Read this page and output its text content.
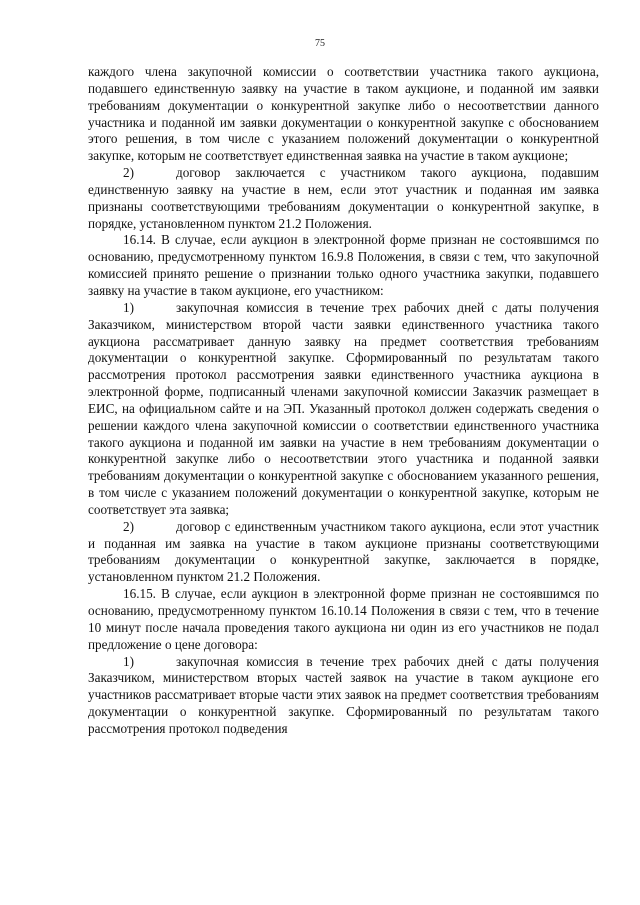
75

каждого члена закупочной комиссии о соответствии участника такого аукциона, подавшего единственную заявку на участие в таком аукционе, и поданной им заявки требованиям документации о конкурентной закупке либо о несоответствии данного участника и поданной им заявки документации о конкурентной закупке с обоснованием этого решения, в том числе с указанием положений документации о конкурентной закупке, которым не соответствует единственная заявка на участие в таком аукционе;

2)	договор заключается с участником такого аукциона, подавшим единственную заявку на участие в нем, если этот участник и поданная им заявка признаны соответствующими требованиям документации о конкурентной закупке, в порядке, установленном пунктом 21.2 Положения.

16.14. В случае, если аукцион в электронной форме признан не состоявшимся по основанию, предусмотренному пунктом 16.9.8 Положения, в связи с тем, что закупочной комиссией принято решение о признании только одного участника закупки, подавшего заявку на участие в таком аукционе, его участником:

1)	закупочная комиссия в течение трех рабочих дней с даты получения Заказчиком, министерством второй части заявки единственного участника такого аукциона рассматривает данную заявку на предмет соответствия требованиям документации о конкурентной закупке. Сформированный по результатам такого рассмотрения протокол рассмотрения заявки единственного участника аукциона в электронной форме, подписанный членами закупочной комиссии Заказчик размещает в ЕИС, на официальном сайте и на ЭП. Указанный протокол должен содержать сведения о решении каждого члена закупочной комиссии о соответствии единственного участника такого аукциона и поданной им заявки на участие в нем требованиям документации о конкурентной закупке либо о несоответствии этого участника и поданной заявки требованиям документации о конкурентной закупке с обоснованием указанного решения, в том числе с указанием положений документации о конкурентной закупке, которым не соответствует эта заявка;

2)	договор с единственным участником такого аукциона, если этот участник и поданная им заявка на участие в таком аукционе признаны соответствующими требованиям документации о конкурентной закупке, заключается в порядке, установленном пунктом 21.2 Положения.

16.15. В случае, если аукцион в электронной форме признан не состоявшимся по основанию, предусмотренному пунктом 16.10.14 Положения в связи с тем, что в течение 10 минут после начала проведения такого аукциона ни один из его участников не подал предложение о цене договора:

1)	закупочная комиссия в течение трех рабочих дней с даты получения Заказчиком, министерством вторых частей заявок на участие в таком аукционе его участников рассматривает вторые части этих заявок на предмет соответствия требованиям документации о конкурентной закупке. Сформированный по результатам такого рассмотрения протокол подведения
